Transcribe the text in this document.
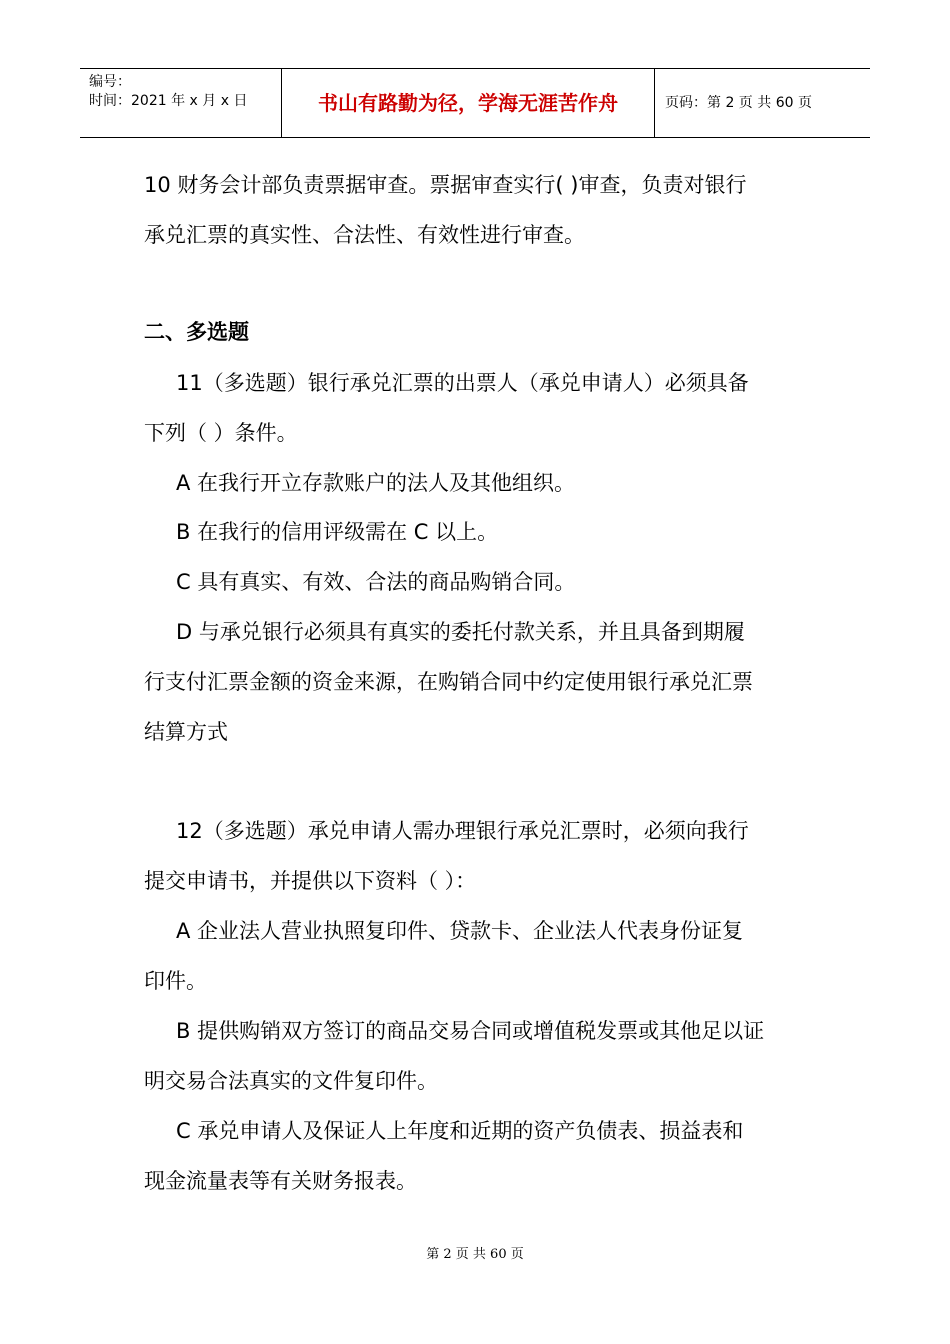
编号：
时间：2021 年 x 月 x 日	书山有路勤为径，学海无涯苦作舟	页码：第 2 页 共 60 页
10 财务会计部负责票据审查。票据审查实行( )审查，负责对银行
承兑汇票的真实性、合法性、有效性进行审查。
二、多选题
11（多选题）银行承兑汇票的出票人（承兑申请人）必须具备
下列（ ）条件。
A 在我行开立存款账户的法人及其他组织。
B 在我行的信用评级需在 C 以上。
C 具有真实、有效、合法的商品购销合同。
D 与承兑银行必须具有真实的委托付款关系，并且具备到期履
行支付汇票金额的资金来源，在购销合同中约定使用银行承兑汇票
结算方式
12（多选题）承兑申请人需办理银行承兑汇票时，必须向我行
提交申请书，并提供以下资料（ ）：
A 企业法人营业执照复印件、贷款卡、企业法人代表身份证复
印件。
B 提供购销双方签订的商品交易合同或增值税发票或其他足以证
明交易合法真实的文件复印件。
C 承兑申请人及保证人上年度和近期的资产负债表、损益表和
现金流量表等有关财务报表。
第 2 页 共 60 页
